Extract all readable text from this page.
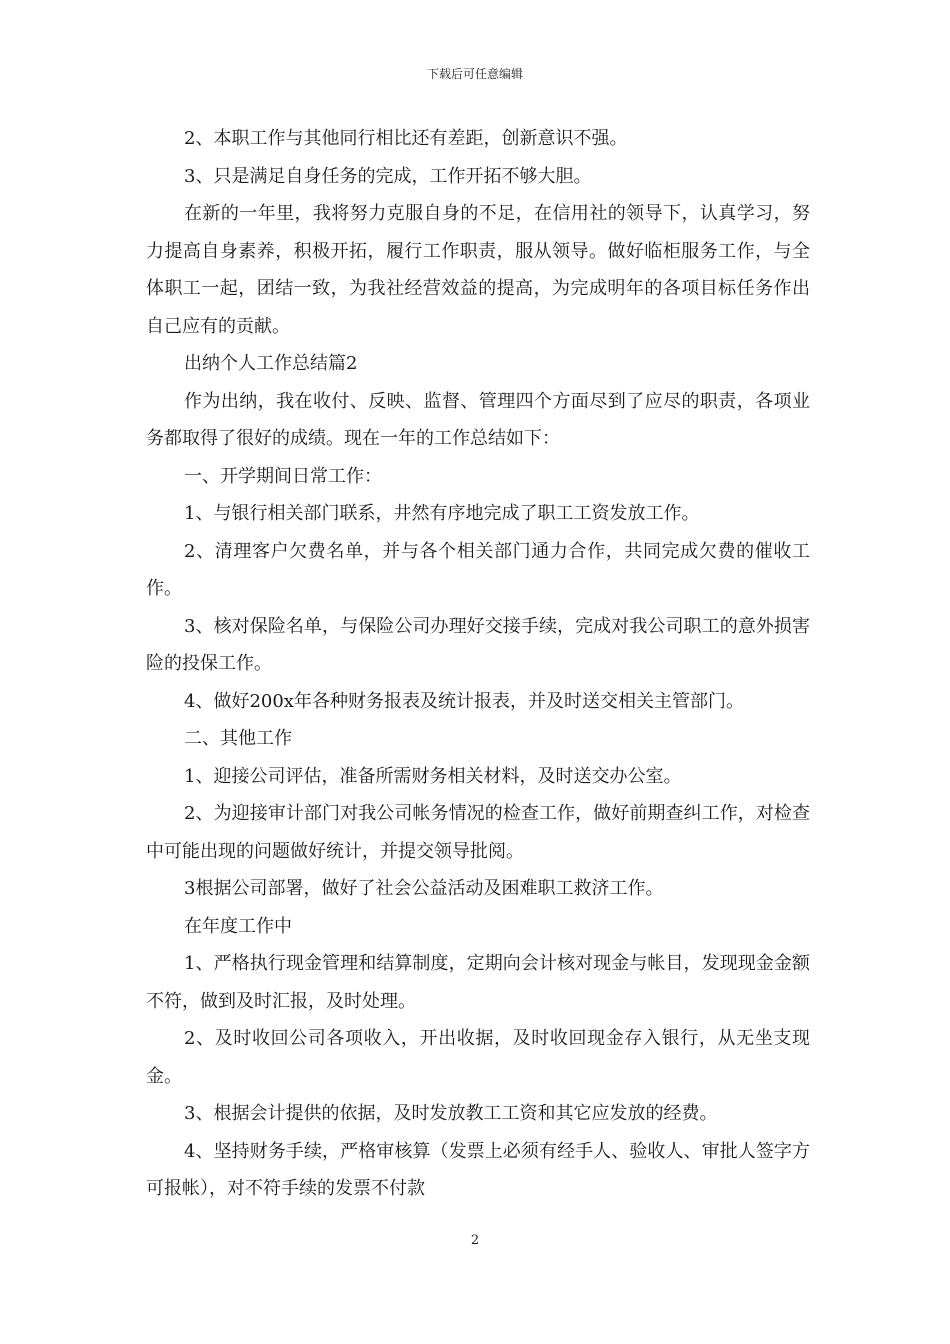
下载后可任意编辑

2、本职工作与其他同行相比还有差距，创新意识不强。

3、只是满足自身任务的完成，工作开拓不够大胆。

在新的一年里，我将努力克服自身的不足，在信用社的领导下，认真学习，努力提高自身素养，积极开拓，履行工作职责，服从领导。做好临柜服务工作，与全体职工一起，团结一致，为我社经营效益的提高，为完成明年的各项目标任务作出自己应有的贡献。

出纳个人工作总结篇2

作为出纳，我在收付、反映、监督、管理四个方面尽到了应尽的职责，各项业务都取得了很好的成绩。现在一年的工作总结如下：

一、开学期间日常工作：

1、与银行相关部门联系，井然有序地完成了职工工资发放工作。

2、清理客户欠费名单，并与各个相关部门通力合作，共同完成欠费的催收工作。

3、核对保险名单，与保险公司办理好交接手续，完成对我公司职工的意外损害险的投保工作。

4、做好200x年各种财务报表及统计报表，并及时送交相关主管部门。

二、其他工作

1、迎接公司评估，准备所需财务相关材料，及时送交办公室。

2、为迎接审计部门对我公司帐务情况的检查工作，做好前期查纠工作，对检查中可能出现的问题做好统计，并提交领导批阅。

3根据公司部署，做好了社会公益活动及困难职工救济工作。

在年度工作中

1、严格执行现金管理和结算制度，定期向会计核对现金与帐目，发现现金金额不符，做到及时汇报，及时处理。

2、及时收回公司各项收入，开出收据，及时收回现金存入银行，从无坐支现金。

3、根据会计提供的依据，及时发放教工工资和其它应发放的经费。

4、坚持财务手续，严格审核算（发票上必须有经手人、验收人、审批人签字方可报帐），对不符手续的发票不付款

2
